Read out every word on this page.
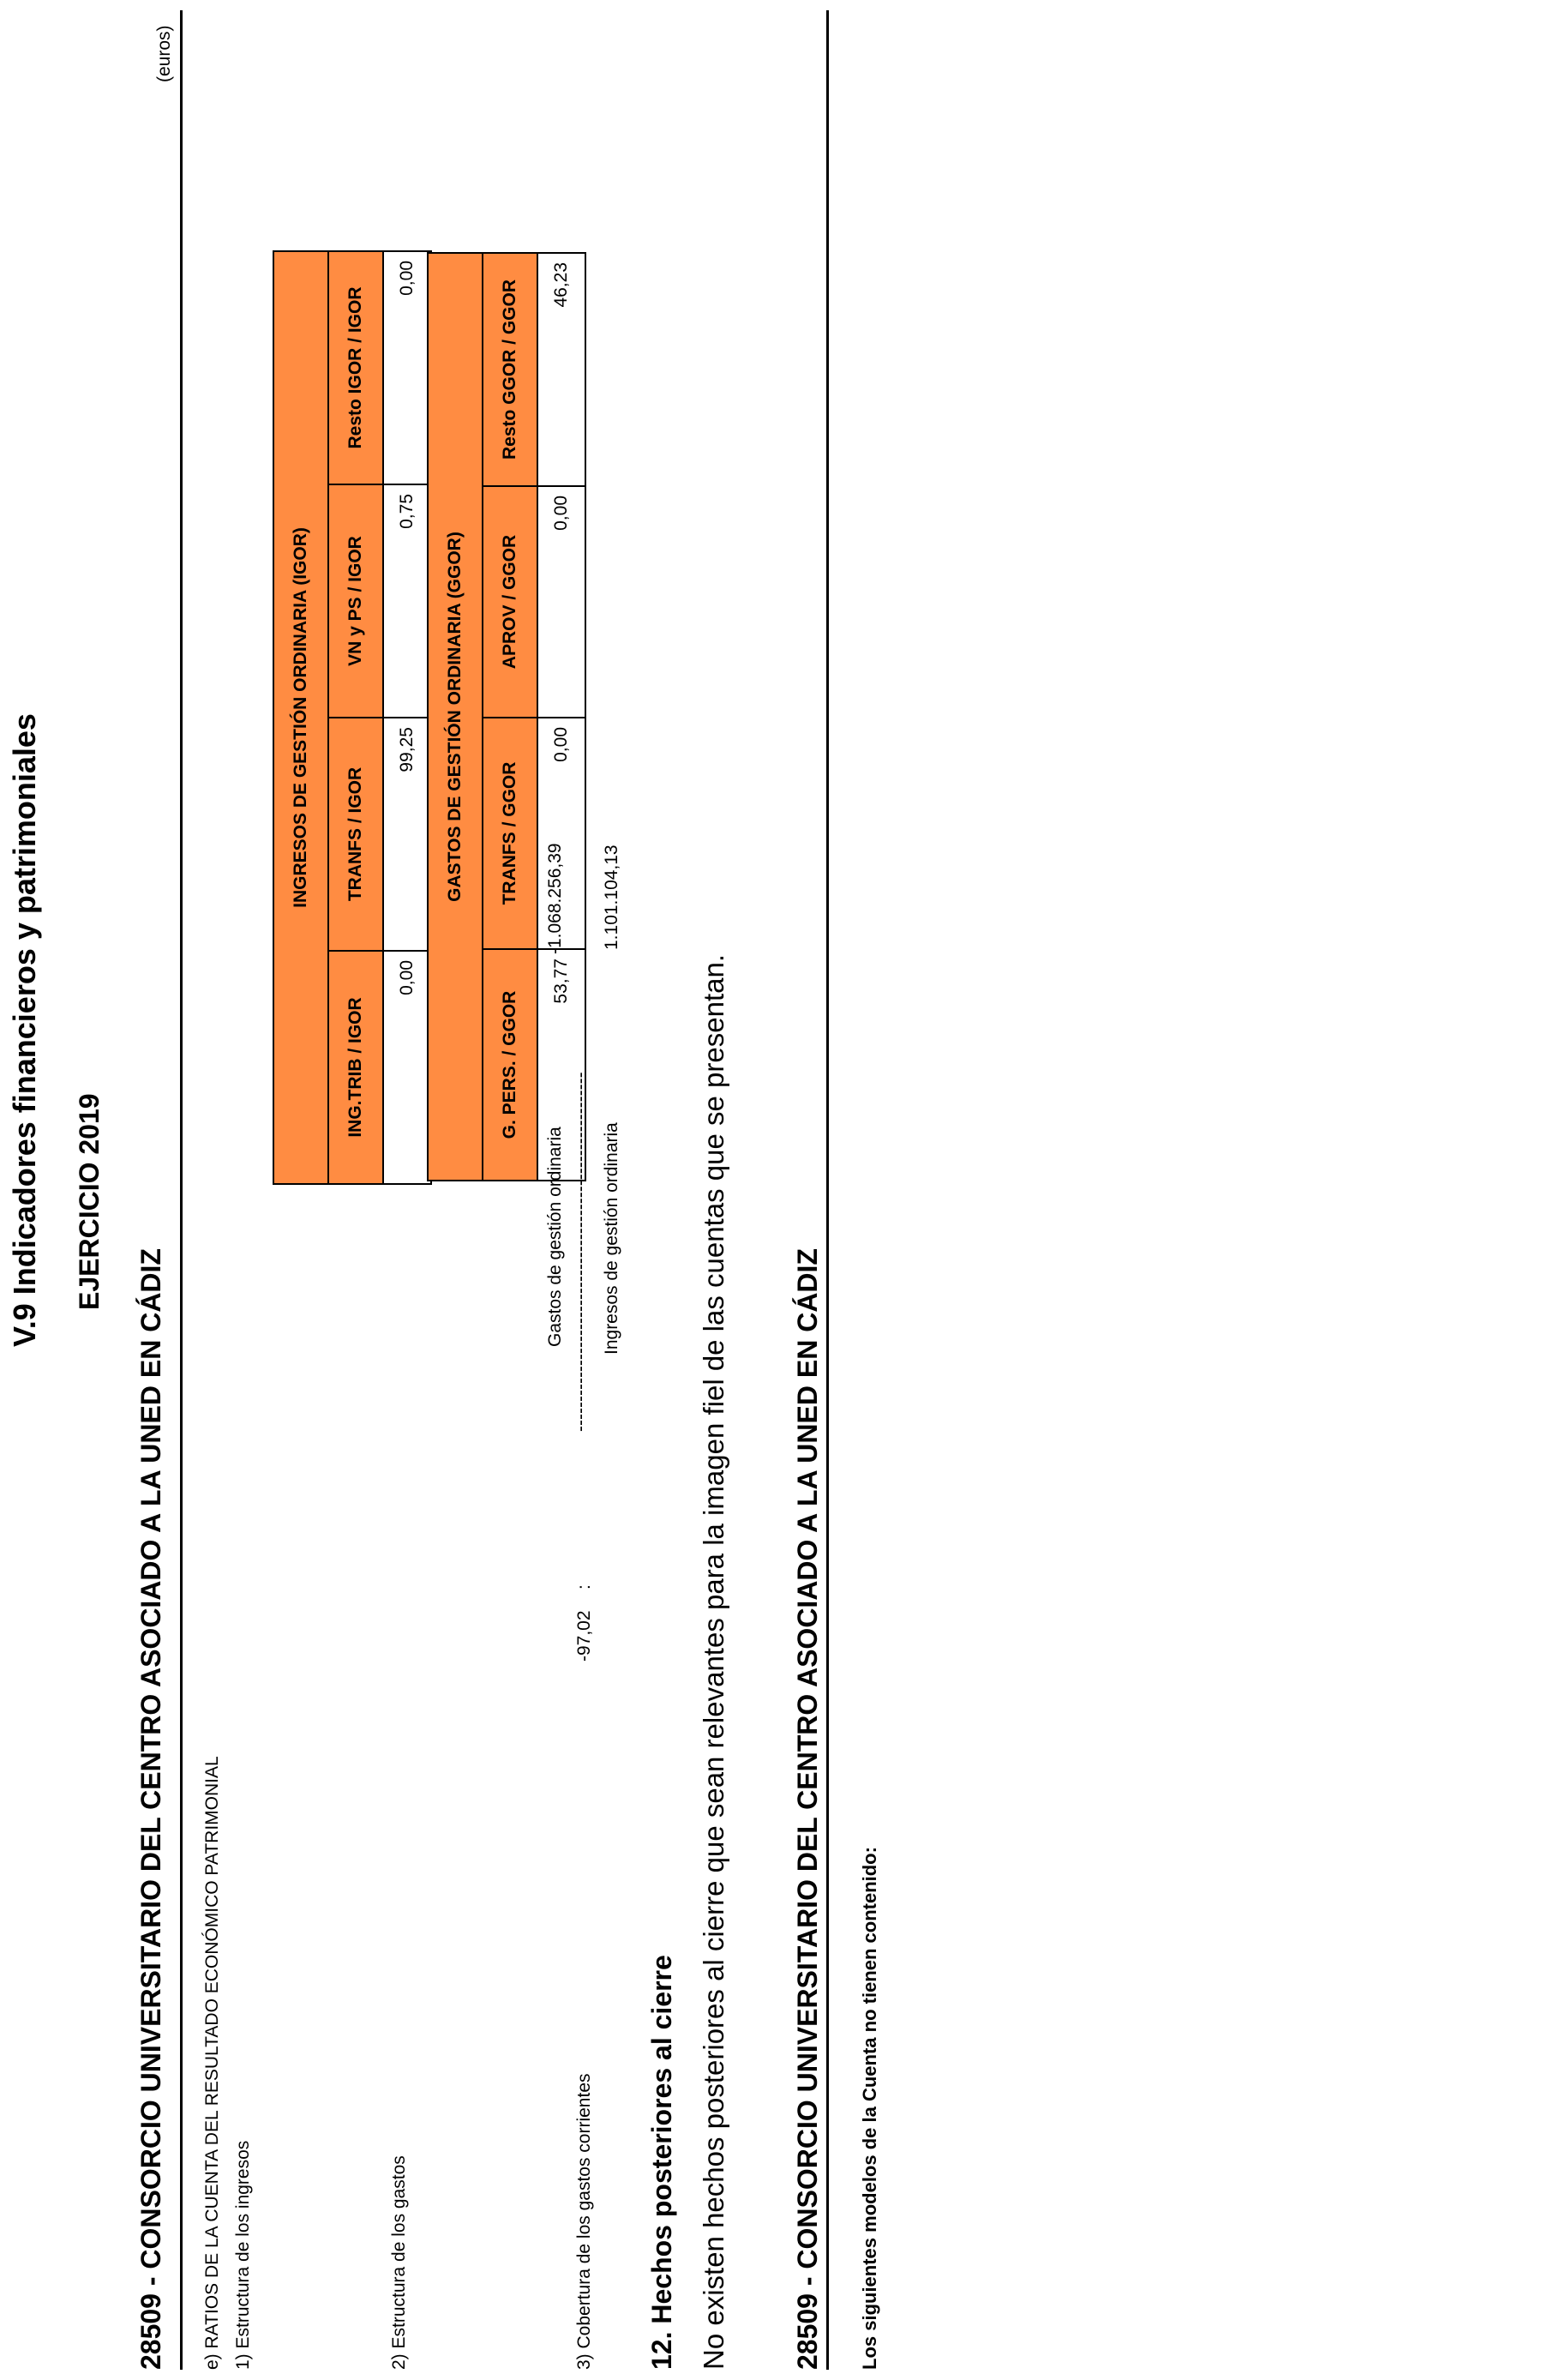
(euros)
V.9 Indicadores financieros y patrimoniales EJERCICIO 2019
28509 - CONSORCIO UNIVERSITARIO DEL CENTRO ASOCIADO A LA UNED EN CÁDIZ e) RATIOS DE LA CUENTA DEL RESULTADO ECONÓMICO PATRIMONIAL 1) Estructura de los ingresos
INGRESOS DE GESTIÓN ORDINARIA (IGOR)			
ING.TRIB / IGOR	TRANFS / IGOR	VN y PS / IGOR	Resto IGOR / IGOR
0,00	99,25	0,75	0,00
2) Estructura de los gastos
GASTOS DE GESTIÓN ORDINARIA (GGOR)			
G. PERS. / GGOR	TRANFS / GGOR	APROV / GGOR	Resto GGOR / GGOR
53,77	0,00	0,00	46,23
3) Cobertura de los gastos corrientes
-97,02
:
Gastos de gestión ordinaria
-1.068.256,39
------------------------------------------------------------ Ingresos de gestión ordinaria
1.101.104,13
12. Hechos posteriores al cierre No existen hechos posteriores al cierre que sean relevantes para la imagen fiel de las cuentas que se presentan. 28509 - CONSORCIO UNIVERSITARIO DEL CENTRO ASOCIADO A LA UNED EN CÁDIZ Los siguientes modelos de la Cuenta no tienen contenido:
